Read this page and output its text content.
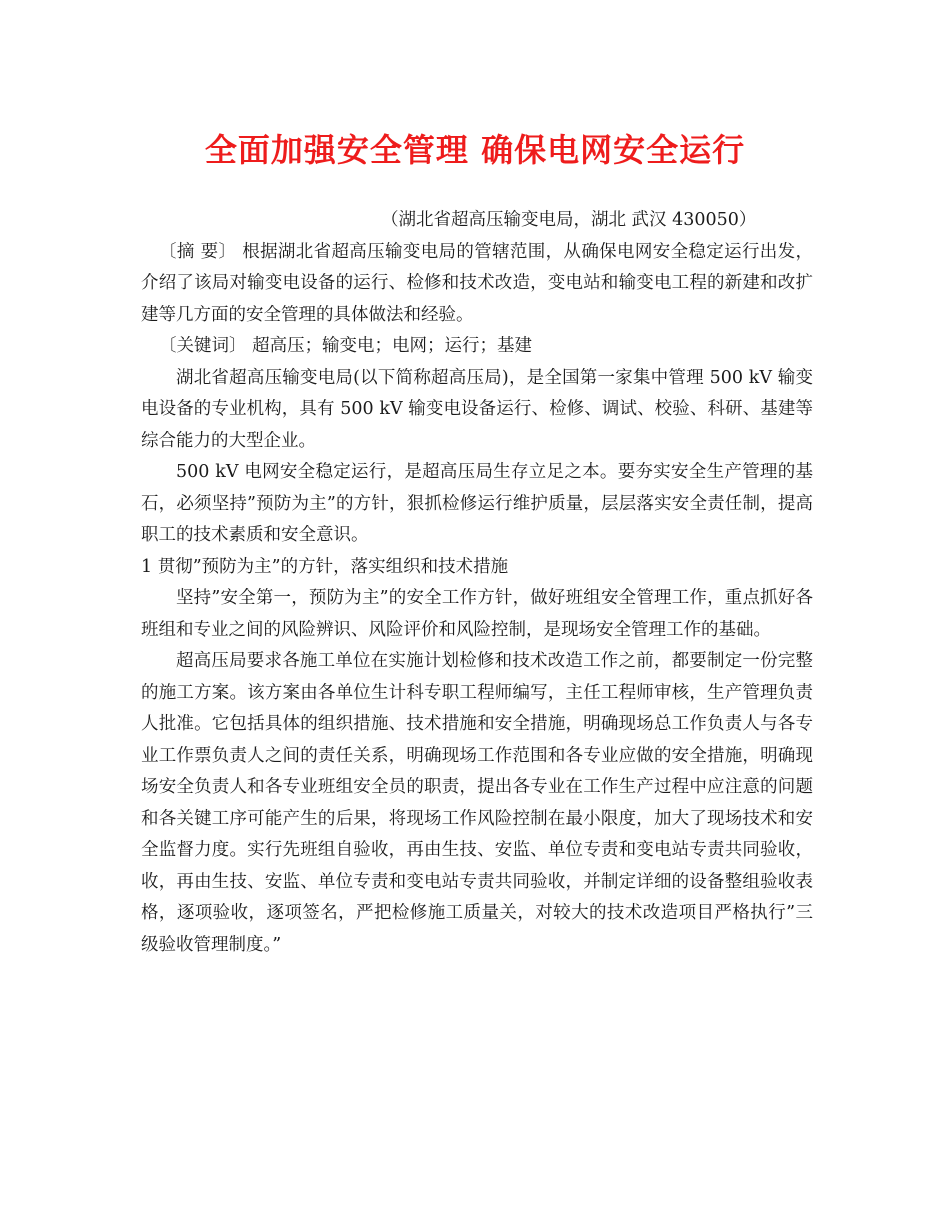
全面加强安全管理 确保电网安全运行

（湖北省超高压输变电局，湖北 武汉 430050）

〔摘 要〕 根据湖北省超高压输变电局的管辖范围，从确保电网安全稳定运行出发，介绍了该局对输变电设备的运行、检修和技术改造，变电站和输变电工程的新建和改扩建等几方面的安全管理的具体做法和经验。

〔关键词〕 超高压；输变电；电网；运行；基建

湖北省超高压输变电局(以下简称超高压局)，是全国第一家集中管理 500 kV 输变电设备的专业机构，具有 500 kV 输变电设备运行、检修、调试、校验、科研、基建等综合能力的大型企业。

500 kV 电网安全稳定运行，是超高压局生存立足之本。要夯实安全生产管理的基石，必须坚持”预防为主”的方针，狠抓检修运行维护质量，层层落实安全责任制，提高职工的技术素质和安全意识。

1 贯彻”预防为主”的方针，落实组织和技术措施

坚持”安全第一，预防为主”的安全工作方针，做好班组安全管理工作，重点抓好各班组和专业之间的风险辨识、风险评价和风险控制，是现场安全管理工作的基础。

超高压局要求各施工单位在实施计划检修和技术改造工作之前，都要制定一份完整的施工方案。该方案由各单位生计科专职工程师编写，主任工程师审核，生产管理负责人批准。它包括具体的组织措施、技术措施和安全措施，明确现场总工作负责人与各专业工作票负责人之间的责任关系，明确现场工作范围和各专业应做的安全措施，明确现场安全负责人和各专业班组安全员的职责，提出各专业在工作生产过程中应注意的问题和各关键工序可能产生的后果，将现场工作风险控制在最小限度，加大了现场技术和安全监督力度。实行先班组自验收，再由生技、安监、单位专责和变电站专责共同验收，收，再由生技、安监、单位专责和变电站专责共同验收，并制定详细的设备整组验收表格，逐项验收，逐项签名，严把检修施工质量关，对较大的技术改造项目严格执行”三级验收管理制度。”
